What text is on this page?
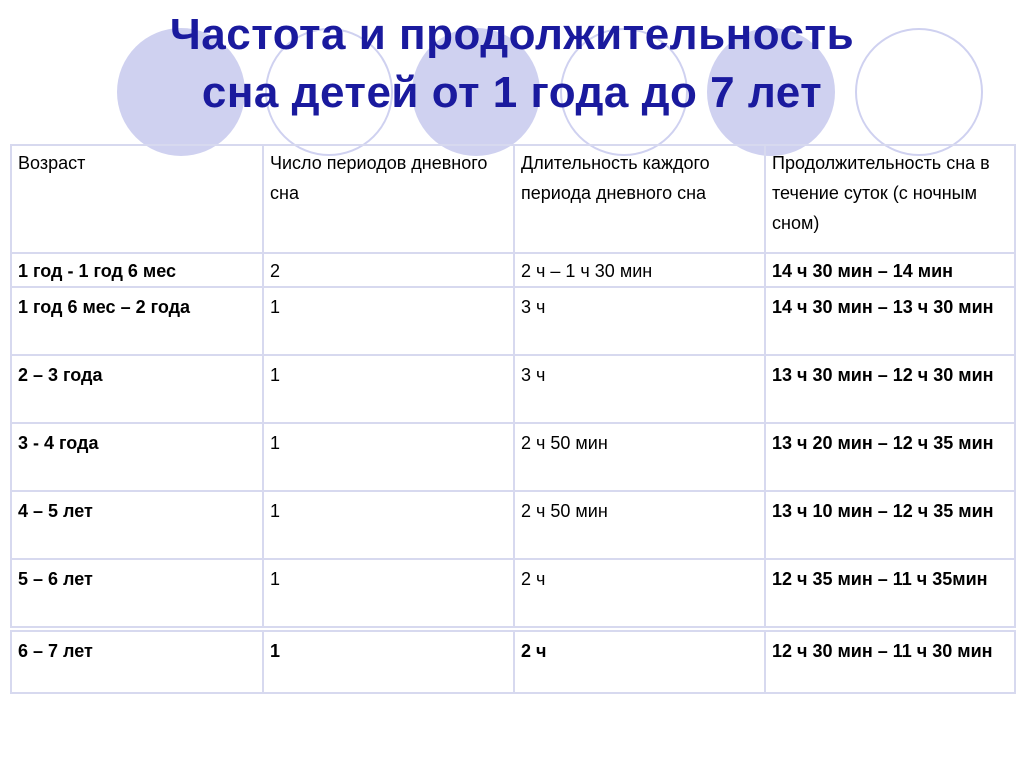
Частота и продолжительность
сна детей от 1 года до 7 лет
Возраст	Число периодов дневного сна	Длительность каждого периода дневного сна	Продолжительность сна в течение суток (с ночным сном)
1 год - 1 год 6 мес	2	2 ч – 1 ч 30 мин	14 ч 30 мин – 14 мин
1 год 6 мес – 2 года	1	3 ч	14 ч 30 мин – 13 ч 30 мин
2 – 3 года	1	3 ч	13 ч 30 мин – 12 ч 30 мин
3 - 4 года	1	2 ч 50 мин	13 ч 20 мин – 12 ч 35 мин
4 – 5 лет	1	2 ч 50 мин	13 ч 10 мин – 12 ч 35 мин
5 – 6 лет	1	2 ч	12 ч 35 мин – 11 ч 35мин
6 – 7 лет	1	2 ч	12 ч 30 мин – 11 ч 30 мин
